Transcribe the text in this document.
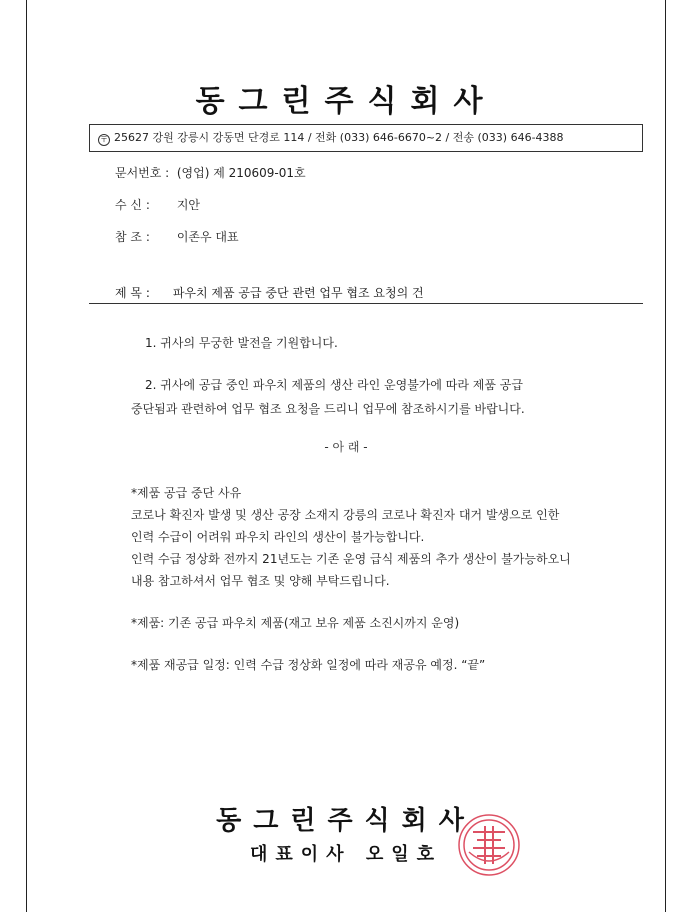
동그린주식회사
〒 25627 강원 강릉시 강동면 단경로 114 / 전화 (033) 646-6670~2 / 전송 (033) 646-4388
문서번호 : (영업) 제 210609-01호
수 신 : 지안
참 조 : 이존우 대표
제 목 : 파우치 제품 공급 중단 관련 업무 협조 요청의 건
1. 귀사의 무궁한 발전을 기원합니다.
2. 귀사에 공급 중인 파우치 제품의 생산 라인 운영불가에 따라 제품 공급
중단됨과 관련하여 업무 협조 요청을 드리니 업무에 참조하시기를 바랍니다.
- 아 래 -
*제품 공급 중단 사유
코로나 확진자 발생 및 생산 공장 소재지 강릉의 코로나 확진자 대거 발생으로 인한
인력 수급이 어려워 파우치 라인의 생산이 불가능합니다.
인력 수급 정상화 전까지 21년도는 기존 운영 급식 제품의 추가 생산이 불가능하오니
내용 참고하셔서 업무 협조 및 양해 부탁드립니다.
*제품: 기존 공급 파우치 제품(재고 보유 제품 소진시까지 운영)
*제품 재공급 일정: 인력 수급 정상화 일정에 따라 재공유 예정. “끝”
동그린주식회사
대표이사 오일호
